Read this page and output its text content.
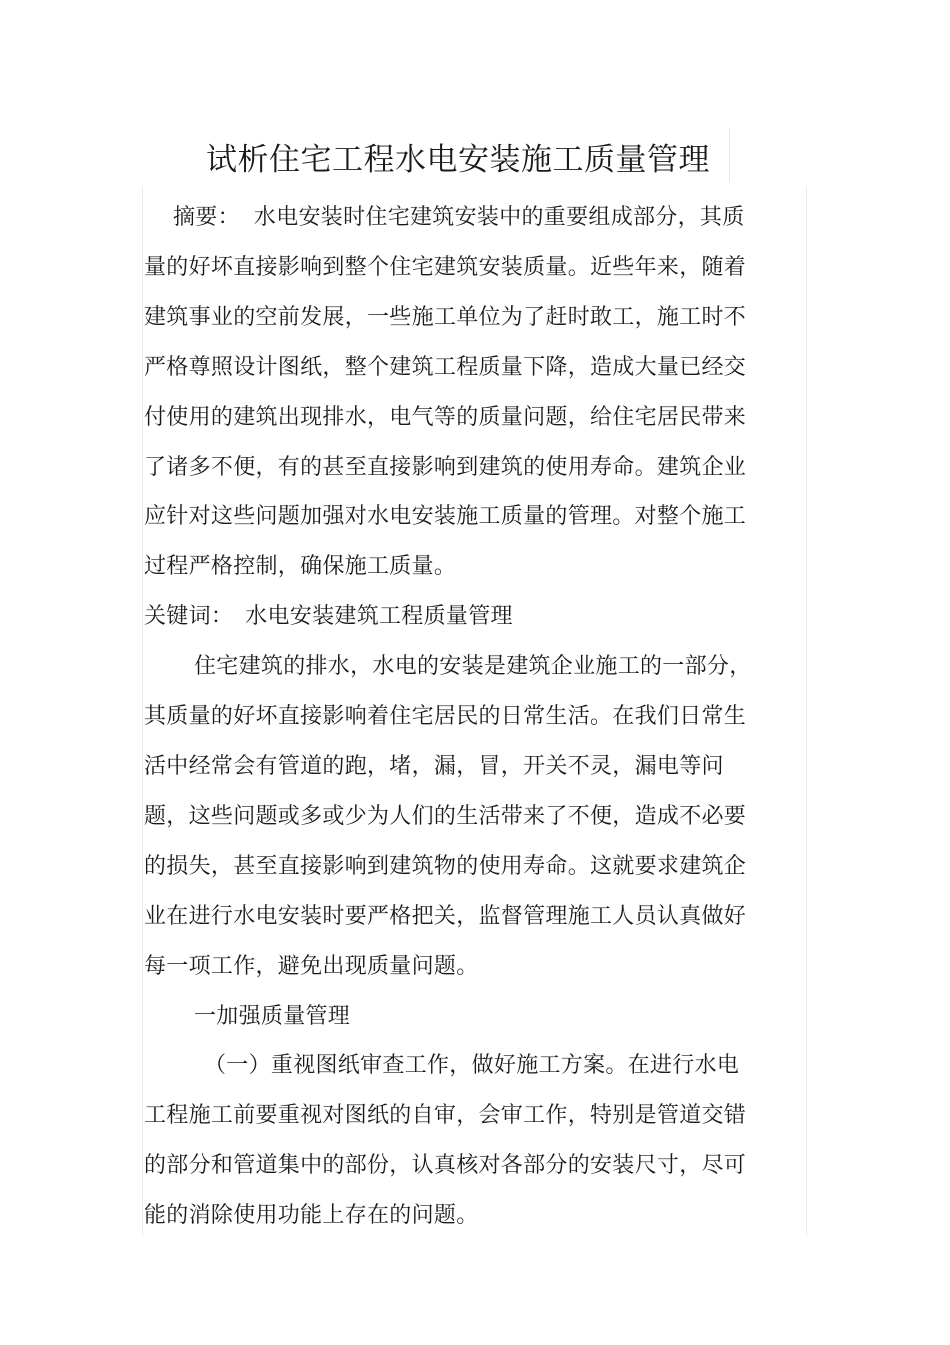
试析住宅工程水电安装施工质量管理

摘要： 水电安装时住宅建筑安装中的重要组成部分，其质量的好坏直接影响到整个住宅建筑安装质量。近些年来，随着建筑事业的空前发展，一些施工单位为了赶时敢工，施工时不严格尊照设计图纸，整个建筑工程质量下降，造成大量已经交付使用的建筑出现排水，电气等的质量问题，给住宅居民带来了诸多不便，有的甚至直接影响到建筑的使用寿命。建筑企业应针对这些问题加强对水电安装施工质量的管理。对整个施工过程严格控制，确保施工质量。

关键词： 水电安装建筑工程质量管理

住宅建筑的排水，水电的安装是建筑企业施工的一部分，其质量的好坏直接影响着住宅居民的日常生活。在我们日常生活中经常会有管道的跑，堵，漏，冒，开关不灵，漏电等问题，这些问题或多或少为人们的生活带来了不便，造成不必要的损失，甚至直接影响到建筑物的使用寿命。这就要求建筑企业在进行水电安装时要严格把关，监督管理施工人员认真做好每一项工作，避免出现质量问题。

一加强质量管理

（一）重视图纸审查工作，做好施工方案。在进行水电工程施工前要重视对图纸的自审，会审工作，特别是管道交错的部分和管道集中的部份，认真核对各部分的安装尺寸，尽可能的消除使用功能上存在的问题。
